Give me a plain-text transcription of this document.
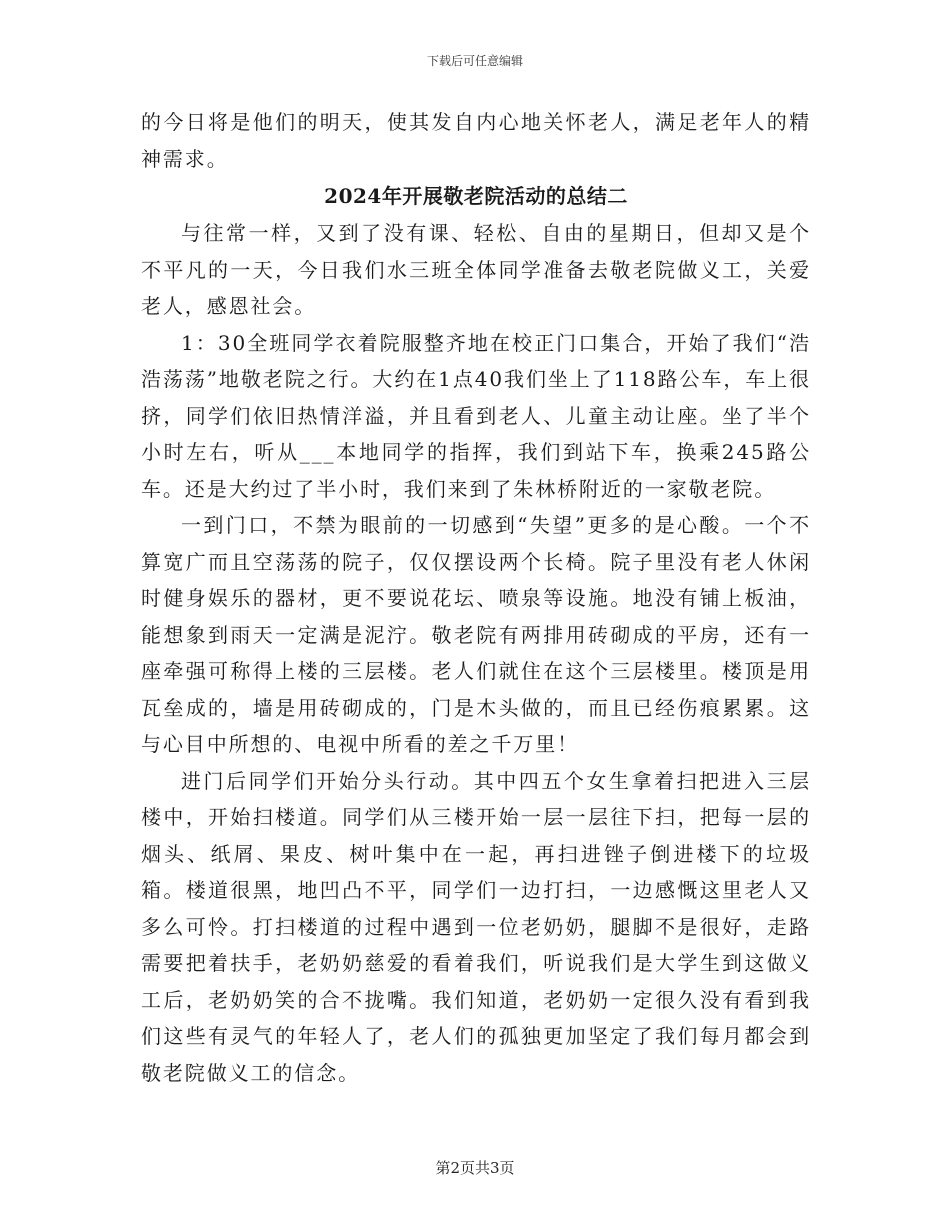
下载后可任意编辑

的今日将是他们的明天，使其发自内心地关怀老人，满足老年人的精神需求。

2024年开展敬老院活动的总结二

与往常一样，又到了没有课、轻松、自由的星期日，但却又是个不平凡的一天，今日我们水三班全体同学准备去敬老院做义工，关爱老人，感恩社会。

1：30全班同学衣着院服整齐地在校正门口集合，开始了我们“浩浩荡荡”地敬老院之行。大约在1点40我们坐上了118路公车，车上很挤，同学们依旧热情洋溢，并且看到老人、儿童主动让座。坐了半个小时左右，听从___本地同学的指挥，我们到站下车，换乘245路公车。还是大约过了半小时，我们来到了朱林桥附近的一家敬老院。

一到门口，不禁为眼前的一切感到“失望”更多的是心酸。一个不算宽广而且空荡荡的院子，仅仅摆设两个长椅。院子里没有老人休闲时健身娱乐的器材，更不要说花坛、喷泉等设施。地没有铺上板油，能想象到雨天一定满是泥泞。敬老院有两排用砖砌成的平房，还有一座牵强可称得上楼的三层楼。老人们就住在这个三层楼里。楼顶是用瓦垒成的，墙是用砖砌成的，门是木头做的，而且已经伤痕累累。这与心目中所想的、电视中所看的差之千万里！

进门后同学们开始分头行动。其中四五个女生拿着扫把进入三层楼中，开始扫楼道。同学们从三楼开始一层一层往下扫，把每一层的烟头、纸屑、果皮、树叶集中在一起，再扫进锉子倒进楼下的垃圾箱。楼道很黑，地凹凸不平，同学们一边打扫，一边感慨这里老人又多么可怜。打扫楼道的过程中遇到一位老奶奶，腿脚不是很好，走路需要把着扶手，老奶奶慈爱的看着我们，听说我们是大学生到这做义工后，老奶奶笑的合不拢嘴。我们知道，老奶奶一定很久没有看到我们这些有灵气的年轻人了，老人们的孤独更加坚定了我们每月都会到敬老院做义工的信念。

第2页共3页
